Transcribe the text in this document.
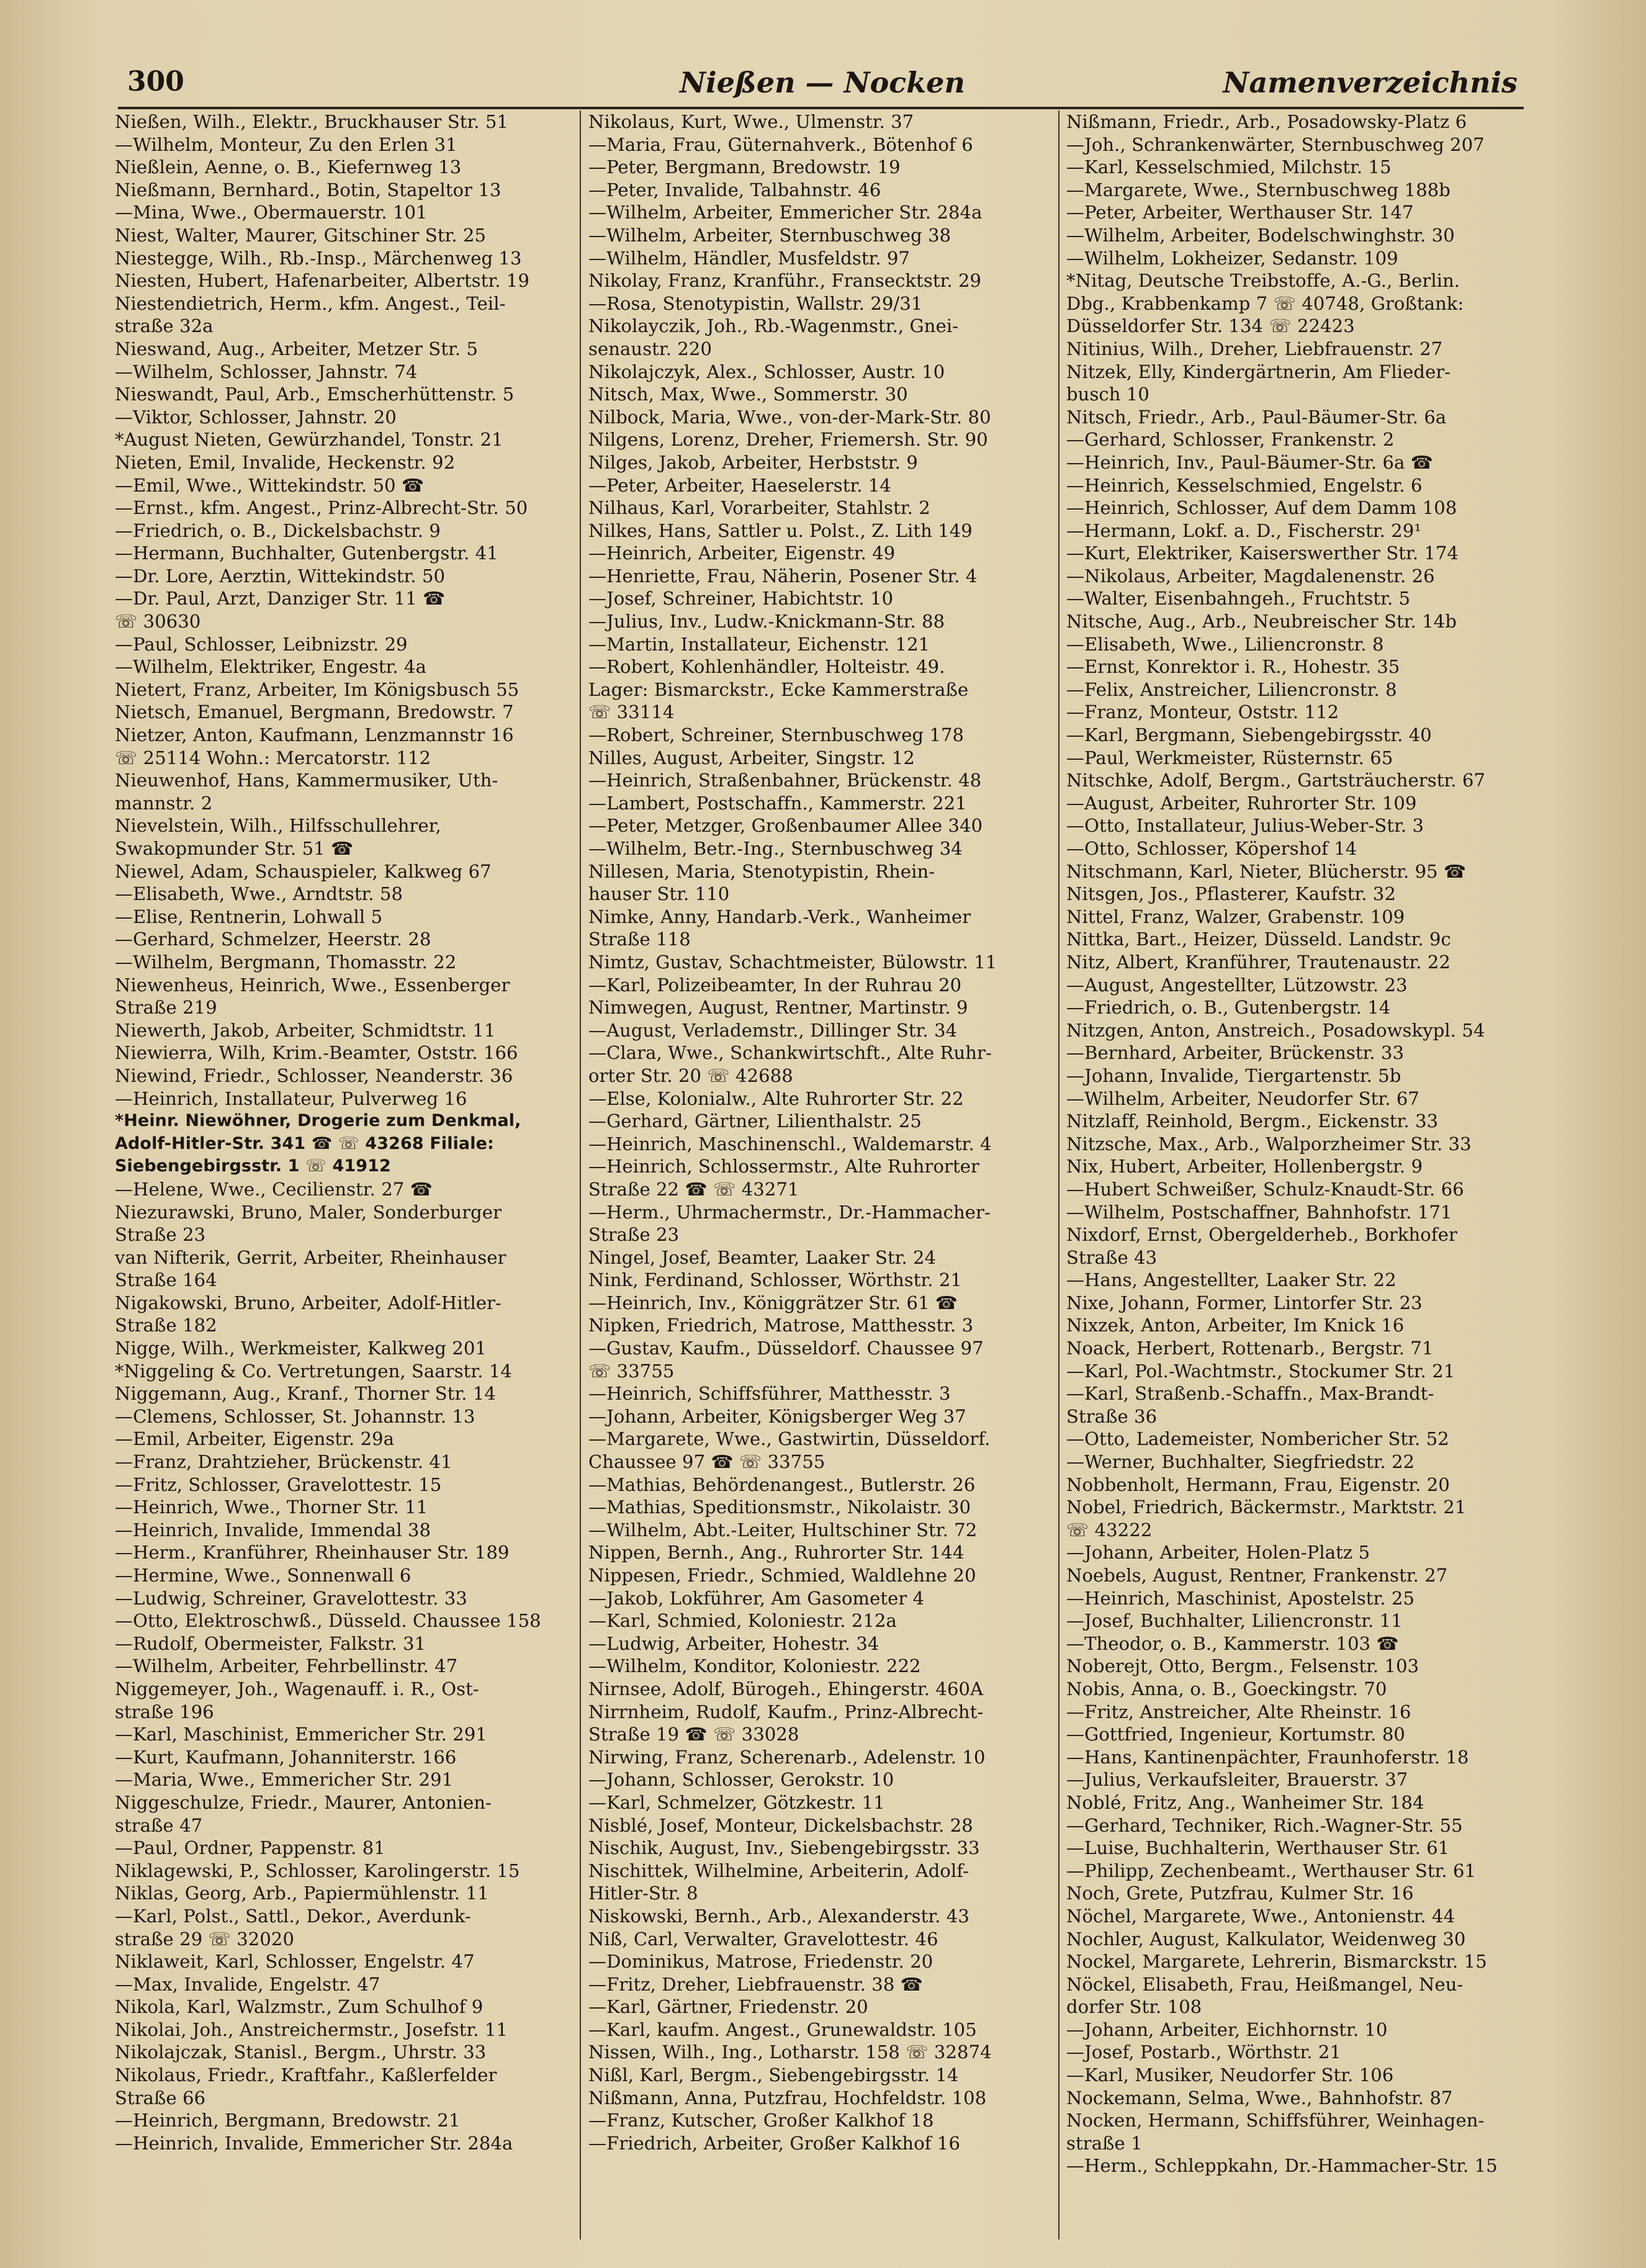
300	Nießen — Nocken	Namenverzeichnis
Nießen, Wilh., Elektr., Bruckhauser Str. 51
—Wilhelm, Monteur, Zu den Erlen 31
Nießlein, Aenne, o. B., Kiefernweg 13
Nießmann, Bernhard., Botin, Stapeltor 13
—Mina, Wwe., Obermauerstr. 101
Niest, Walter, Maurer, Gitschiner Str. 25
Niestegge, Wilh., Rb.-Insp., Märchenweg 13
Niesten, Hubert, Hafenarbeiter, Albertstr. 19
Niestendietrich, Herm., kfm. Angest., Teil-
straße 32a
Nieswand, Aug., Arbeiter, Metzer Str. 5
—Wilhelm, Schlosser, Jahnstr. 74
Nieswandt, Paul, Arb., Emscherhüttenstr. 5
—Viktor, Schlosser, Jahnstr. 20
*August Nieten, Gewürzhandel, Tonstr. 21
Nieten, Emil, Invalide, Heckenstr. 92
—Emil, Wwe., Wittekindstr. 50 ☎
—Ernst., kfm. Angest., Prinz-Albrecht-Str. 50
—Friedrich, o. B., Dickelsbachstr. 9
—Hermann, Buchhalter, Gutenbergstr. 41
—Dr. Lore, Aerztin, Wittekindstr. 50
—Dr. Paul, Arzt, Danziger Str. 11 ☎
☏ 30630
—Paul, Schlosser, Leibnizstr. 29
—Wilhelm, Elektriker, Engestr. 4a
Nietert, Franz, Arbeiter, Im Königsbusch 55
Nietsch, Emanuel, Bergmann, Bredowstr. 7
Nietzer, Anton, Kaufmann, Lenzmannstr 16
☏ 25114 Wohn.: Mercatorstr. 112
Nieuwenhof, Hans, Kammermusiker, Uth-
mannstr. 2
Nievelstein, Wilh., Hilfsschullehrer,
Swakopmunder Str. 51 ☎
Niewel, Adam, Schauspieler, Kalkweg 67
—Elisabeth, Wwe., Arndtstr. 58
—Elise, Rentnerin, Lohwall 5
—Gerhard, Schmelzer, Heerstr. 28
—Wilhelm, Bergmann, Thomasstr. 22
Niewenheus, Heinrich, Wwe., Essenberger
Straße 219
Niewerth, Jakob, Arbeiter, Schmidtstr. 11
Niewierra, Wilh, Krim.-Beamter, Oststr. 166
Niewind, Friedr., Schlosser, Neanderstr. 36
—Heinrich, Installateur, Pulverweg 16
*Heinr. Niewöhner, Drogerie zum Denkmal,
Adolf-Hitler-Str. 341 ☎ ☏ 43268 Filiale:
Siebengebirgsstr. 1 ☏ 41912
—Helene, Wwe., Cecilienstr. 27 ☎
Niezurawski, Bruno, Maler, Sonderburger
Straße 23
van Nifterik, Gerrit, Arbeiter, Rheinhauser
Straße 164
Nigakowski, Bruno, Arbeiter, Adolf-Hitler-
Straße 182
Nigge, Wilh., Werkmeister, Kalkweg 201
*Niggeling & Co. Vertretungen, Saarstr. 14
Niggemann, Aug., Kranf., Thorner Str. 14
—Clemens, Schlosser, St. Johannstr. 13
—Emil, Arbeiter, Eigenstr. 29a
—Franz, Drahtzieher, Brückenstr. 41
—Fritz, Schlosser, Gravelottestr. 15
—Heinrich, Wwe., Thorner Str. 11
—Heinrich, Invalide, Immendal 38
—Herm., Kranführer, Rheinhauser Str. 189
—Hermine, Wwe., Sonnenwall 6
—Ludwig, Schreiner, Gravelottestr. 33
—Otto, Elektroschwß., Düsseld. Chaussee 158
—Rudolf, Obermeister, Falkstr. 31
—Wilhelm, Arbeiter, Fehrbellinstr. 47
Niggemeyer, Joh., Wagenauff. i. R., Ost-
straße 196
—Karl, Maschinist, Emmericher Str. 291
—Kurt, Kaufmann, Johanniterstr. 166
—Maria, Wwe., Emmericher Str. 291
Niggeschulze, Friedr., Maurer, Antonien-
straße 47
—Paul, Ordner, Pappenstr. 81
Niklagewski, P., Schlosser, Karolingerstr. 15
Niklas, Georg, Arb., Papiermühlenstr. 11
—Karl, Polst., Sattl., Dekor., Averdunk-
straße 29 ☏ 32020
Niklaweit, Karl, Schlosser, Engelstr. 47
—Max, Invalide, Engelstr. 47
Nikola, Karl, Walzmstr., Zum Schulhof 9
Nikolai, Joh., Anstreichermstr., Josefstr. 11
Nikolajczak, Stanisl., Bergm., Uhrstr. 33
Nikolaus, Friedr., Kraftfahr., Kaßlerfelder
Straße 66
—Heinrich, Bergmann, Bredowstr. 21
—Heinrich, Invalide, Emmericher Str. 284a
Nikolaus, Kurt, Wwe., Ulmenstr. 37
—Maria, Frau, Güternahverk., Bötenhof 6
—Peter, Bergmann, Bredowstr. 19
—Peter, Invalide, Talbahnstr. 46
—Wilhelm, Arbeiter, Emmericher Str. 284a
—Wilhelm, Arbeiter, Sternbuschweg 38
—Wilhelm, Händler, Musfeldstr. 97
Nikolay, Franz, Kranführ., Fransecktstr. 29
—Rosa, Stenotypistin, Wallstr. 29/31
Nikolayczik, Joh., Rb.-Wagenmstr., Gnei-
senaustr. 220
Nikolajczyk, Alex., Schlosser, Austr. 10
Nitsch, Max, Wwe., Sommerstr. 30
Nilbock, Maria, Wwe., von-der-Mark-Str. 80
Nilgens, Lorenz, Dreher, Friemersh. Str. 90
Nilges, Jakob, Arbeiter, Herbststr. 9
—Peter, Arbeiter, Haeselerstr. 14
Nilhaus, Karl, Vorarbeiter, Stahlstr. 2
Nilkes, Hans, Sattler u. Polst., Z. Lith 149
—Heinrich, Arbeiter, Eigenstr. 49
—Henriette, Frau, Näherin, Posener Str. 4
—Josef, Schreiner, Habichtstr. 10
—Julius, Inv., Ludw.-Knickmann-Str. 88
—Martin, Installateur, Eichenstr. 121
—Robert, Kohlenhändler, Holteistr. 49.
Lager: Bismarckstr., Ecke Kammerstraße
☏ 33114
—Robert, Schreiner, Sternbuschweg 178
Nilles, August, Arbeiter, Singstr. 12
—Heinrich, Straßenbahner, Brückenstr. 48
—Lambert, Postschaffn., Kammerstr. 221
—Peter, Metzger, Großenbaumer Allee 340
—Wilhelm, Betr.-Ing., Sternbuschweg 34
Nillesen, Maria, Stenotypistin, Rhein-
hauser Str. 110
Nimke, Anny, Handarb.-Verk., Wanheimer
Straße 118
Nimtz, Gustav, Schachtmeister, Bülowstr. 11
—Karl, Polizeibeamter, In der Ruhrau 20
Nimwegen, August, Rentner, Martinstr. 9
—August, Verlademstr., Dillinger Str. 34
—Clara, Wwe., Schankwirtschft., Alte Ruhr-
orter Str. 20 ☏ 42688
—Else, Kolonialw., Alte Ruhrorter Str. 22
—Gerhard, Gärtner, Lilienthalstr. 25
—Heinrich, Maschinenschl., Waldemarstr. 4
—Heinrich, Schlossermstr., Alte Ruhrorter
Straße 22 ☎ ☏ 43271
—Herm., Uhrmachermstr., Dr.-Hammacher-
Straße 23
Ningel, Josef, Beamter, Laaker Str. 24
Nink, Ferdinand, Schlosser, Wörthstr. 21
—Heinrich, Inv., Königgrätzer Str. 61 ☎
Nipken, Friedrich, Matrose, Matthesstr. 3
—Gustav, Kaufm., Düsseldorf. Chaussee 97
☏ 33755
—Heinrich, Schiffsführer, Matthesstr. 3
—Johann, Arbeiter, Königsberger Weg 37
—Margarete, Wwe., Gastwirtin, Düsseldorf.
Chaussee 97 ☎ ☏ 33755
—Mathias, Behördenangest., Butlerstr. 26
—Mathias, Speditionsmstr., Nikolaistr. 30
—Wilhelm, Abt.-Leiter, Hultschiner Str. 72
Nippen, Bernh., Ang., Ruhrorter Str. 144
Nippesen, Friedr., Schmied, Waldlehne 20
—Jakob, Lokführer, Am Gasometer 4
—Karl, Schmied, Koloniestr. 212a
—Ludwig, Arbeiter, Hohestr. 34
—Wilhelm, Konditor, Koloniestr. 222
Nirnsee, Adolf, Bürogeh., Ehingerstr. 460A
Nirrnheim, Rudolf, Kaufm., Prinz-Albrecht-
Straße 19 ☎ ☏ 33028
Nirwing, Franz, Scherenarb., Adelenstr. 10
—Johann, Schlosser, Gerokstr. 10
—Karl, Schmelzer, Götzkestr. 11
Nisblé, Josef, Monteur, Dickelsbachstr. 28
Nischik, August, Inv., Siebengebirgsstr. 33
Nischittek, Wilhelmine, Arbeiterin, Adolf-
Hitler-Str. 8
Niskowski, Bernh., Arb., Alexanderstr. 43
Niß, Carl, Verwalter, Gravelottestr. 46
—Dominikus, Matrose, Friedenstr. 20
—Fritz, Dreher, Liebfrauenstr. 38 ☎
—Karl, Gärtner, Friedenstr. 20
—Karl, kaufm. Angest., Grunewaldstr. 105
Nissen, Wilh., Ing., Lotharstr. 158 ☏ 32874
Nißl, Karl, Bergm., Siebengebirgsstr. 14
Nißmann, Anna, Putzfrau, Hochfeldstr. 108
—Franz, Kutscher, Großer Kalkhof 18
—Friedrich, Arbeiter, Großer Kalkhof 16
Nißmann, Friedr., Arb., Posadowsky-Platz 6
—Joh., Schrankenwärter, Sternbuschweg 207
—Karl, Kesselschmied, Milchstr. 15
—Margarete, Wwe., Sternbuschweg 188b
—Peter, Arbeiter, Werthauser Str. 147
—Wilhelm, Arbeiter, Bodelschwinghstr. 30
—Wilhelm, Lokheizer, Sedanstr. 109
*Nitag, Deutsche Treibstoffe, A.-G., Berlin.
Dbg., Krabbenkamp 7 ☏ 40748, Großtank:
Düsseldorfer Str. 134 ☏ 22423
Nitinius, Wilh., Dreher, Liebfrauenstr. 27
Nitzek, Elly, Kindergärtnerin, Am Flieder-
busch 10
Nitsch, Friedr., Arb., Paul-Bäumer-Str. 6a
—Gerhard, Schlosser, Frankenstr. 2
—Heinrich, Inv., Paul-Bäumer-Str. 6a ☎
—Heinrich, Kesselschmied, Engelstr. 6
—Heinrich, Schlosser, Auf dem Damm 108
—Hermann, Lokf. a. D., Fischerstr. 29¹
—Kurt, Elektriker, Kaiserswerther Str. 174
—Nikolaus, Arbeiter, Magdalenenstr. 26
—Walter, Eisenbahngeh., Fruchtstr. 5
Nitsche, Aug., Arb., Neubreischer Str. 14b
—Elisabeth, Wwe., Liliencronstr. 8
—Ernst, Konrektor i. R., Hohestr. 35
—Felix, Anstreicher, Liliencronstr. 8
—Franz, Monteur, Oststr. 112
—Karl, Bergmann, Siebengebirgsstr. 40
—Paul, Werkmeister, Rüsternstr. 65
Nitschke, Adolf, Bergm., Gartsträucherstr. 67
—August, Arbeiter, Ruhrorter Str. 109
—Otto, Installateur, Julius-Weber-Str. 3
—Otto, Schlosser, Köpershof 14
Nitschmann, Karl, Nieter, Blücherstr. 95 ☎
Nitsgen, Jos., Pflasterer, Kaufstr. 32
Nittel, Franz, Walzer, Grabenstr. 109
Nittka, Bart., Heizer, Düsseld. Landstr. 9c
Nitz, Albert, Kranführer, Trautenaustr. 22
—August, Angestellter, Lützowstr. 23
—Friedrich, o. B., Gutenbergstr. 14
Nitzgen, Anton, Anstreich., Posadowskypl. 54
—Bernhard, Arbeiter, Brückenstr. 33
—Johann, Invalide, Tiergartenstr. 5b
—Wilhelm, Arbeiter, Neudorfer Str. 67
Nitzlaff, Reinhold, Bergm., Eickenstr. 33
Nitzsche, Max., Arb., Walporzheimer Str. 33
Nix, Hubert, Arbeiter, Hollenbergstr. 9
—Hubert Schweißer, Schulz-Knaudt-Str. 66
—Wilhelm, Postschaffner, Bahnhofstr. 171
Nixdorf, Ernst, Obergelderheb., Borkhofer
Straße 43
—Hans, Angestellter, Laaker Str. 22
Nixe, Johann, Former, Lintorfer Str. 23
Nixzek, Anton, Arbeiter, Im Knick 16
Noack, Herbert, Rottenarb., Bergstr. 71
—Karl, Pol.-Wachtmstr., Stockumer Str. 21
—Karl, Straßenb.-Schaffn., Max-Brandt-
Straße 36
—Otto, Lademeister, Nombericher Str. 52
—Werner, Buchhalter, Siegfriedstr. 22
Nobbenholt, Hermann, Frau, Eigenstr. 20
Nobel, Friedrich, Bäckermstr., Marktstr. 21
☏ 43222
—Johann, Arbeiter, Holen-Platz 5
Noebels, August, Rentner, Frankenstr. 27
—Heinrich, Maschinist, Apostelstr. 25
—Josef, Buchhalter, Liliencronstr. 11
—Theodor, o. B., Kammerstr. 103 ☎
Noberejt, Otto, Bergm., Felsenstr. 103
Nobis, Anna, o. B., Goeckingstr. 70
—Fritz, Anstreicher, Alte Rheinstr. 16
—Gottfried, Ingenieur, Kortumstr. 80
—Hans, Kantinenpächter, Fraunhoferstr. 18
—Julius, Verkaufsleiter, Brauerstr. 37
Noblé, Fritz, Ang., Wanheimer Str. 184
—Gerhard, Techniker, Rich.-Wagner-Str. 55
—Luise, Buchhalterin, Werthauser Str. 61
—Philipp, Zechenbeamt., Werthauser Str. 61
Noch, Grete, Putzfrau, Kulmer Str. 16
Nöchel, Margarete, Wwe., Antonienstr. 44
Nochler, August, Kalkulator, Weidenweg 30
Nockel, Margarete, Lehrerin, Bismarckstr. 15
Nöckel, Elisabeth, Frau, Heißmangel, Neu-
dorfer Str. 108
—Johann, Arbeiter, Eichhornstr. 10
—Josef, Postarb., Wörthstr. 21
—Karl, Musiker, Neudorfer Str. 106
Nockemann, Selma, Wwe., Bahnhofstr. 87
Nocken, Hermann, Schiffsführer, Weinhagen-
straße 1
—Herm., Schleppkahn, Dr.-Hammacher-Str. 15
